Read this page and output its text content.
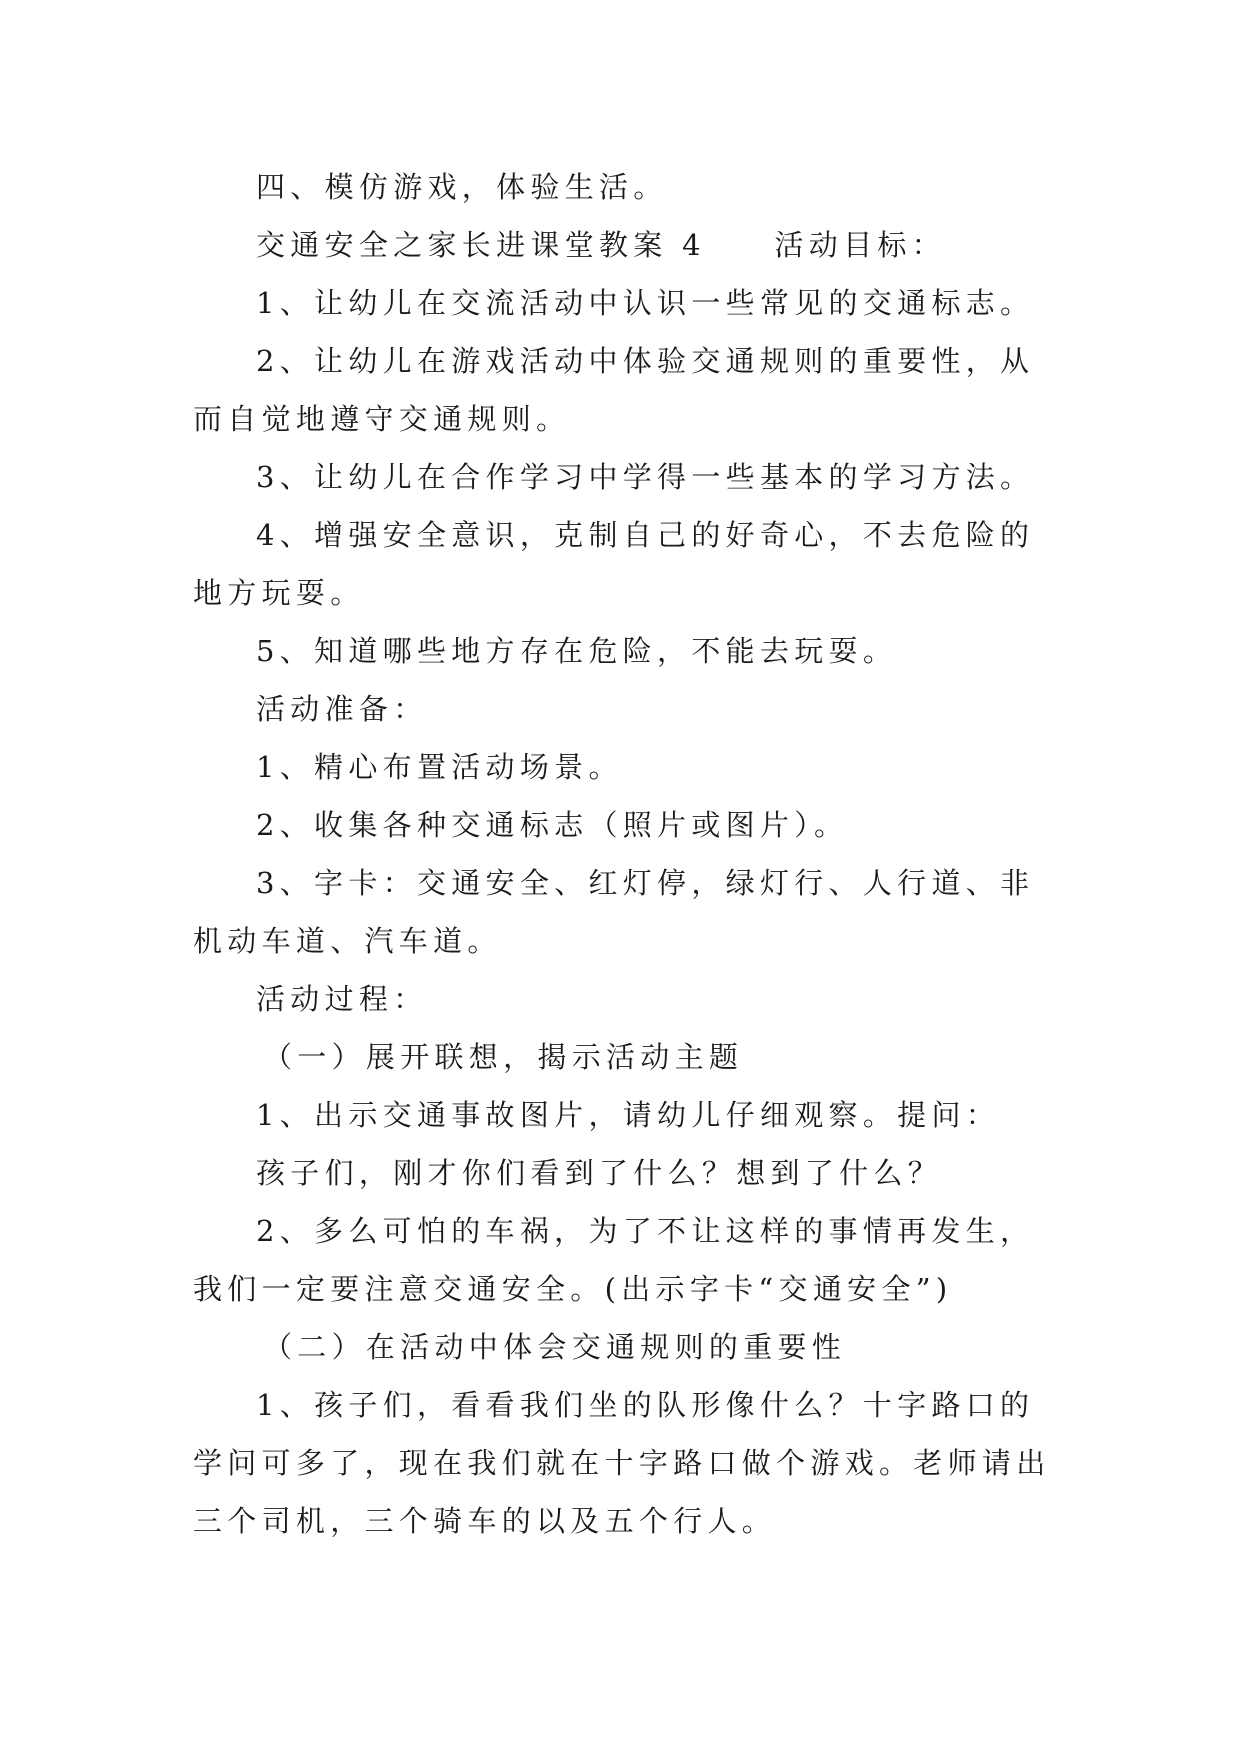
四、模仿游戏，体验生活。

交通安全之家长进课堂教案 4　　活动目标：

1、让幼儿在交流活动中认识一些常见的交通标志。

2、让幼儿在游戏活动中体验交通规则的重要性，从而自觉地遵守交通规则。

3、让幼儿在合作学习中学得一些基本的学习方法。

4、增强安全意识，克制自己的好奇心，不去危险的地方玩耍。

5、知道哪些地方存在危险，不能去玩耍。

活动准备：

1、精心布置活动场景。

2、收集各种交通标志（照片或图片）。

3、字卡：交通安全、红灯停，绿灯行、人行道、非机动车道、汽车道。

活动过程：

（一）展开联想，揭示活动主题

1、出示交通事故图片，请幼儿仔细观察。提问：

孩子们，刚才你们看到了什么？想到了什么？

2、多么可怕的车祸，为了不让这样的事情再发生，我们一定要注意交通安全。(出示字卡“交通安全”)

（二）在活动中体会交通规则的重要性

1、孩子们，看看我们坐的队形像什么？十字路口的学问可多了，现在我们就在十字路口做个游戏。老师请出三个司机，三个骑车的以及五个行人。
